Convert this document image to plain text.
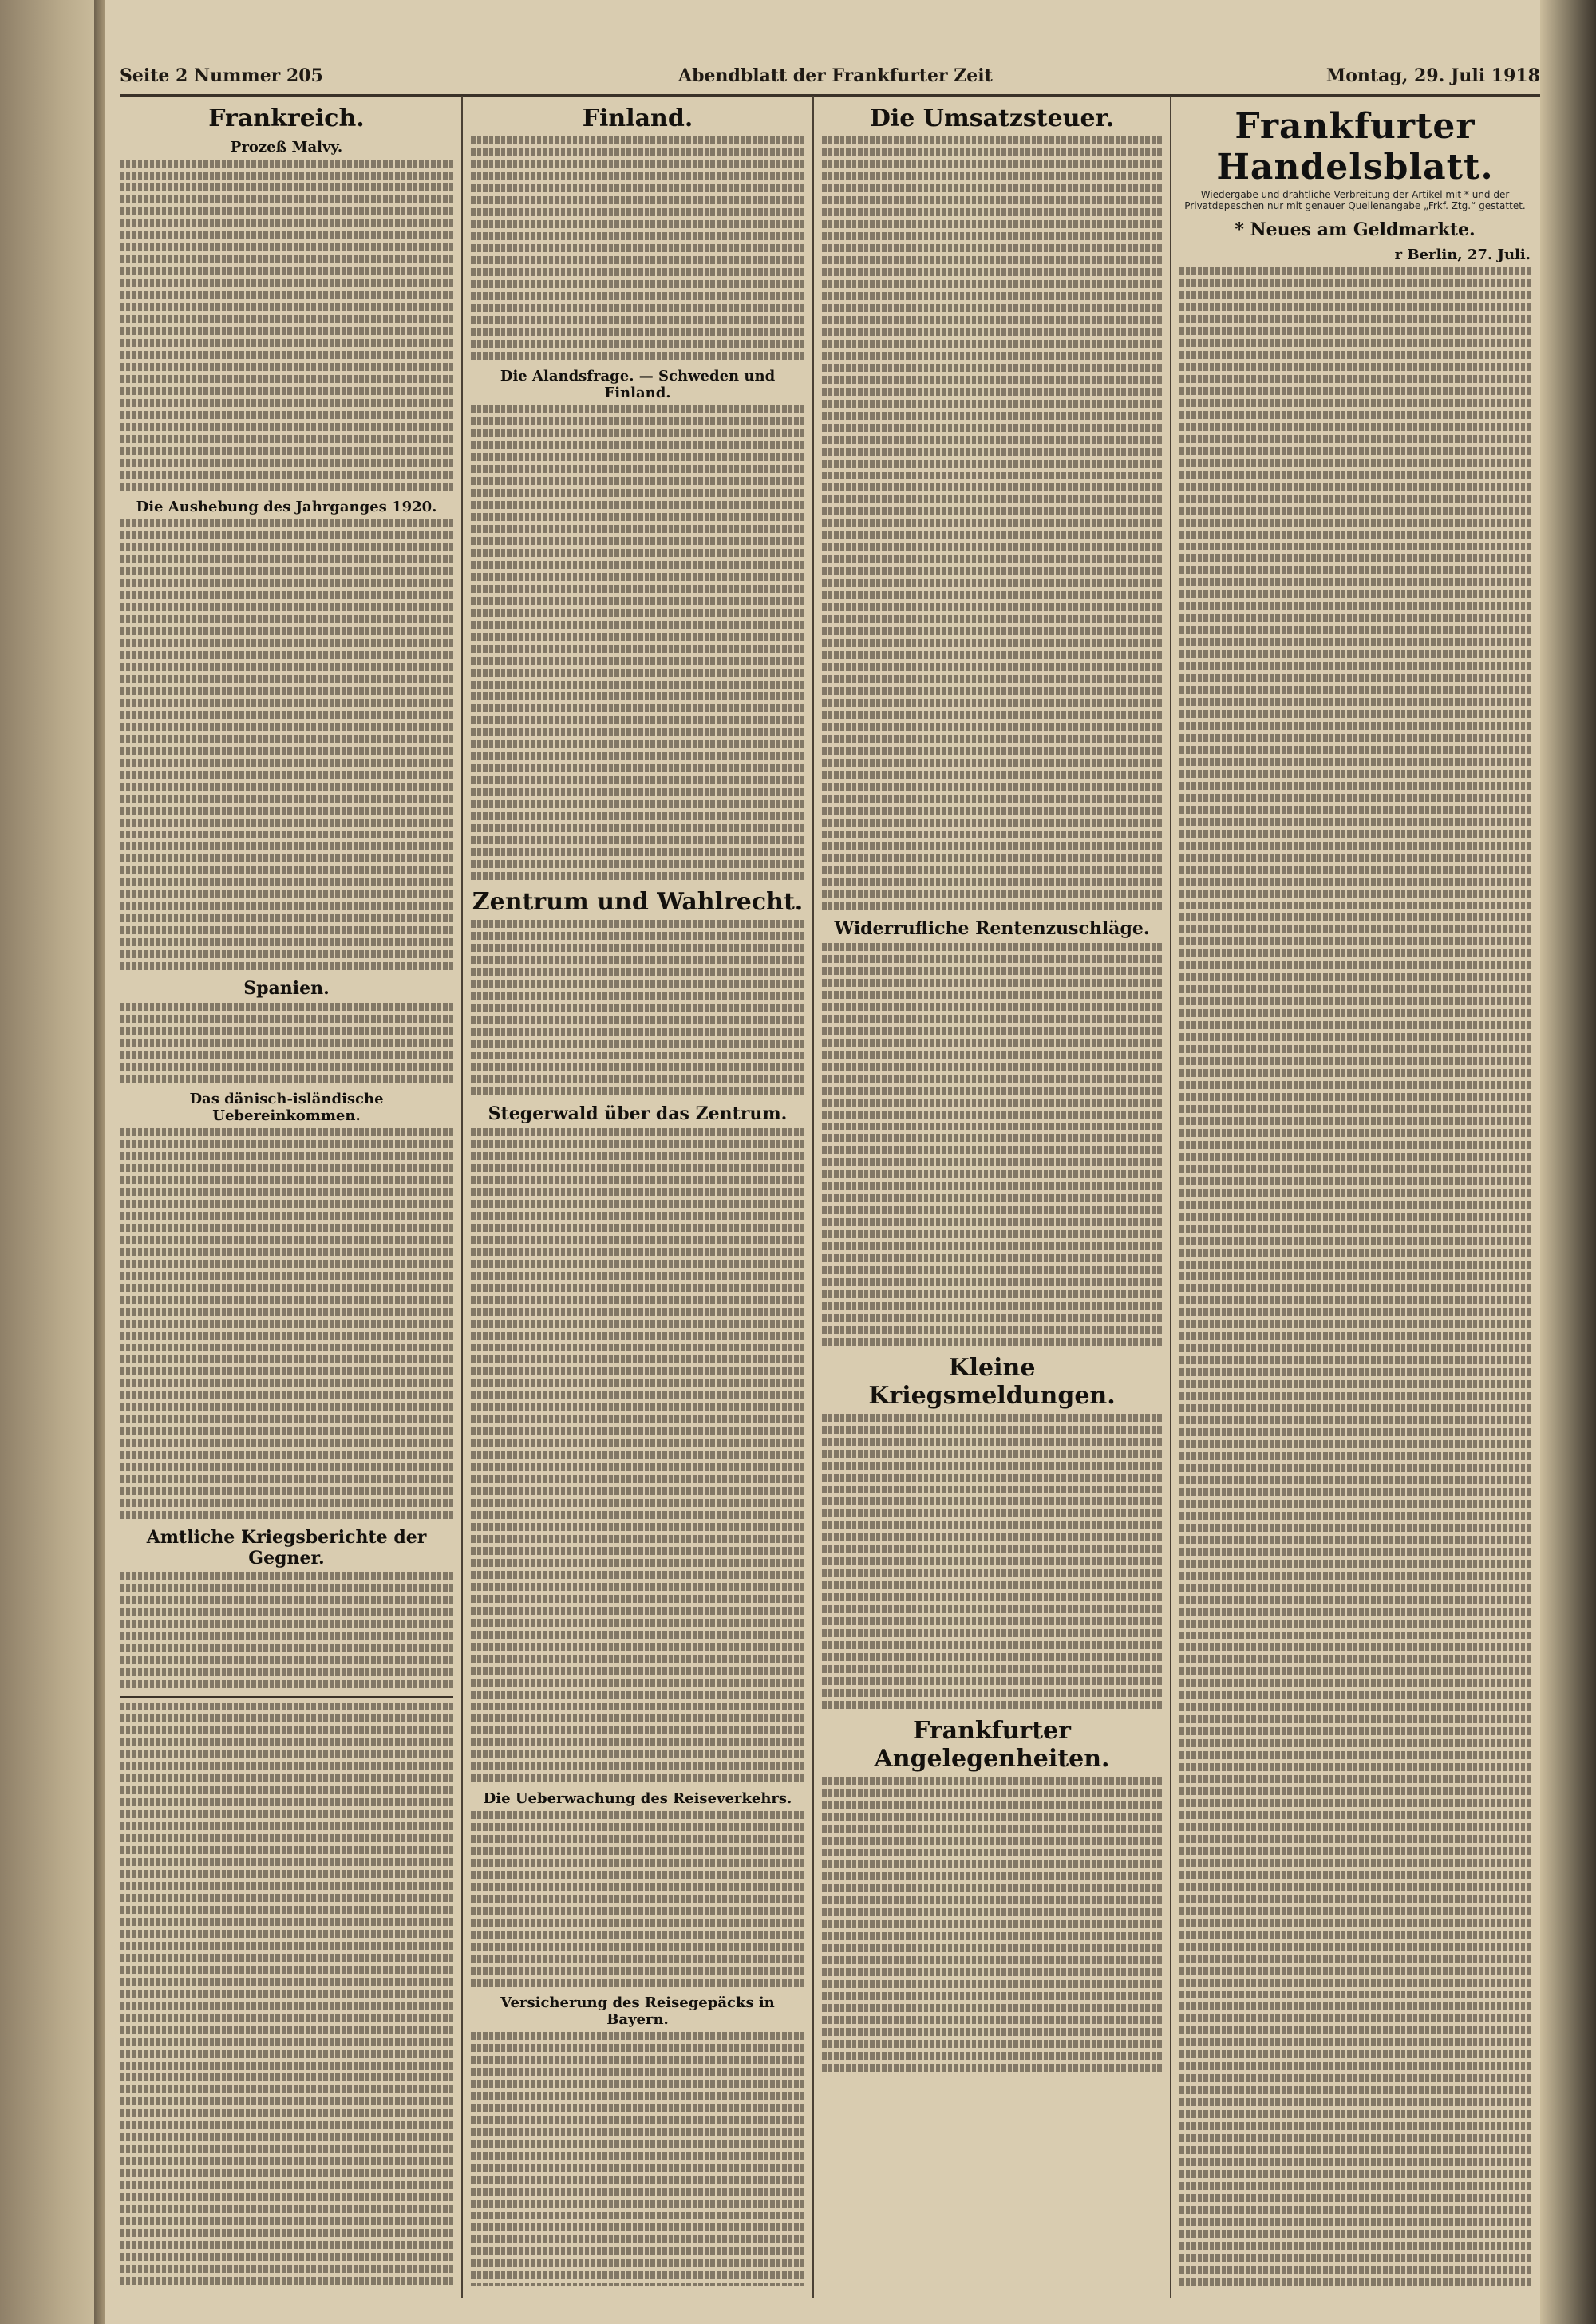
Seite 2 Nummer 205	Abendblatt der Frankfurter Zeit	Montag, 29. Juli 1918
Frankreich.
Prozeß Malvy.
Die Aushebung des Jahrganges 1920.
Spanien.
Das dänisch-isländische Uebereinkommen.
Amtliche Kriegsberichte der Gegner.
Finland.
Die Alandsfrage. — Schweden und Finland.
Zentrum und Wahlrecht.
Stegerwald über das Zentrum.
Die Ueberwachung des Reiseverkehrs.
Versicherung des Reisegepäcks in Bayern.
Die Umsatzsteuer.
Widerrufliche Rentenzuschläge.
Kleine Kriegsmeldungen.
Frankfurter Angelegenheiten.
Frankfurter Handelsblatt.
Wiedergabe und drahtliche Verbreitung der Artikel mit * und der Privatdepeschen nur mit genauer Quellenangabe „Frkf. Ztg.“ gestattet.
* Neues am Geldmarkte.
r Berlin, 27. Juli.
